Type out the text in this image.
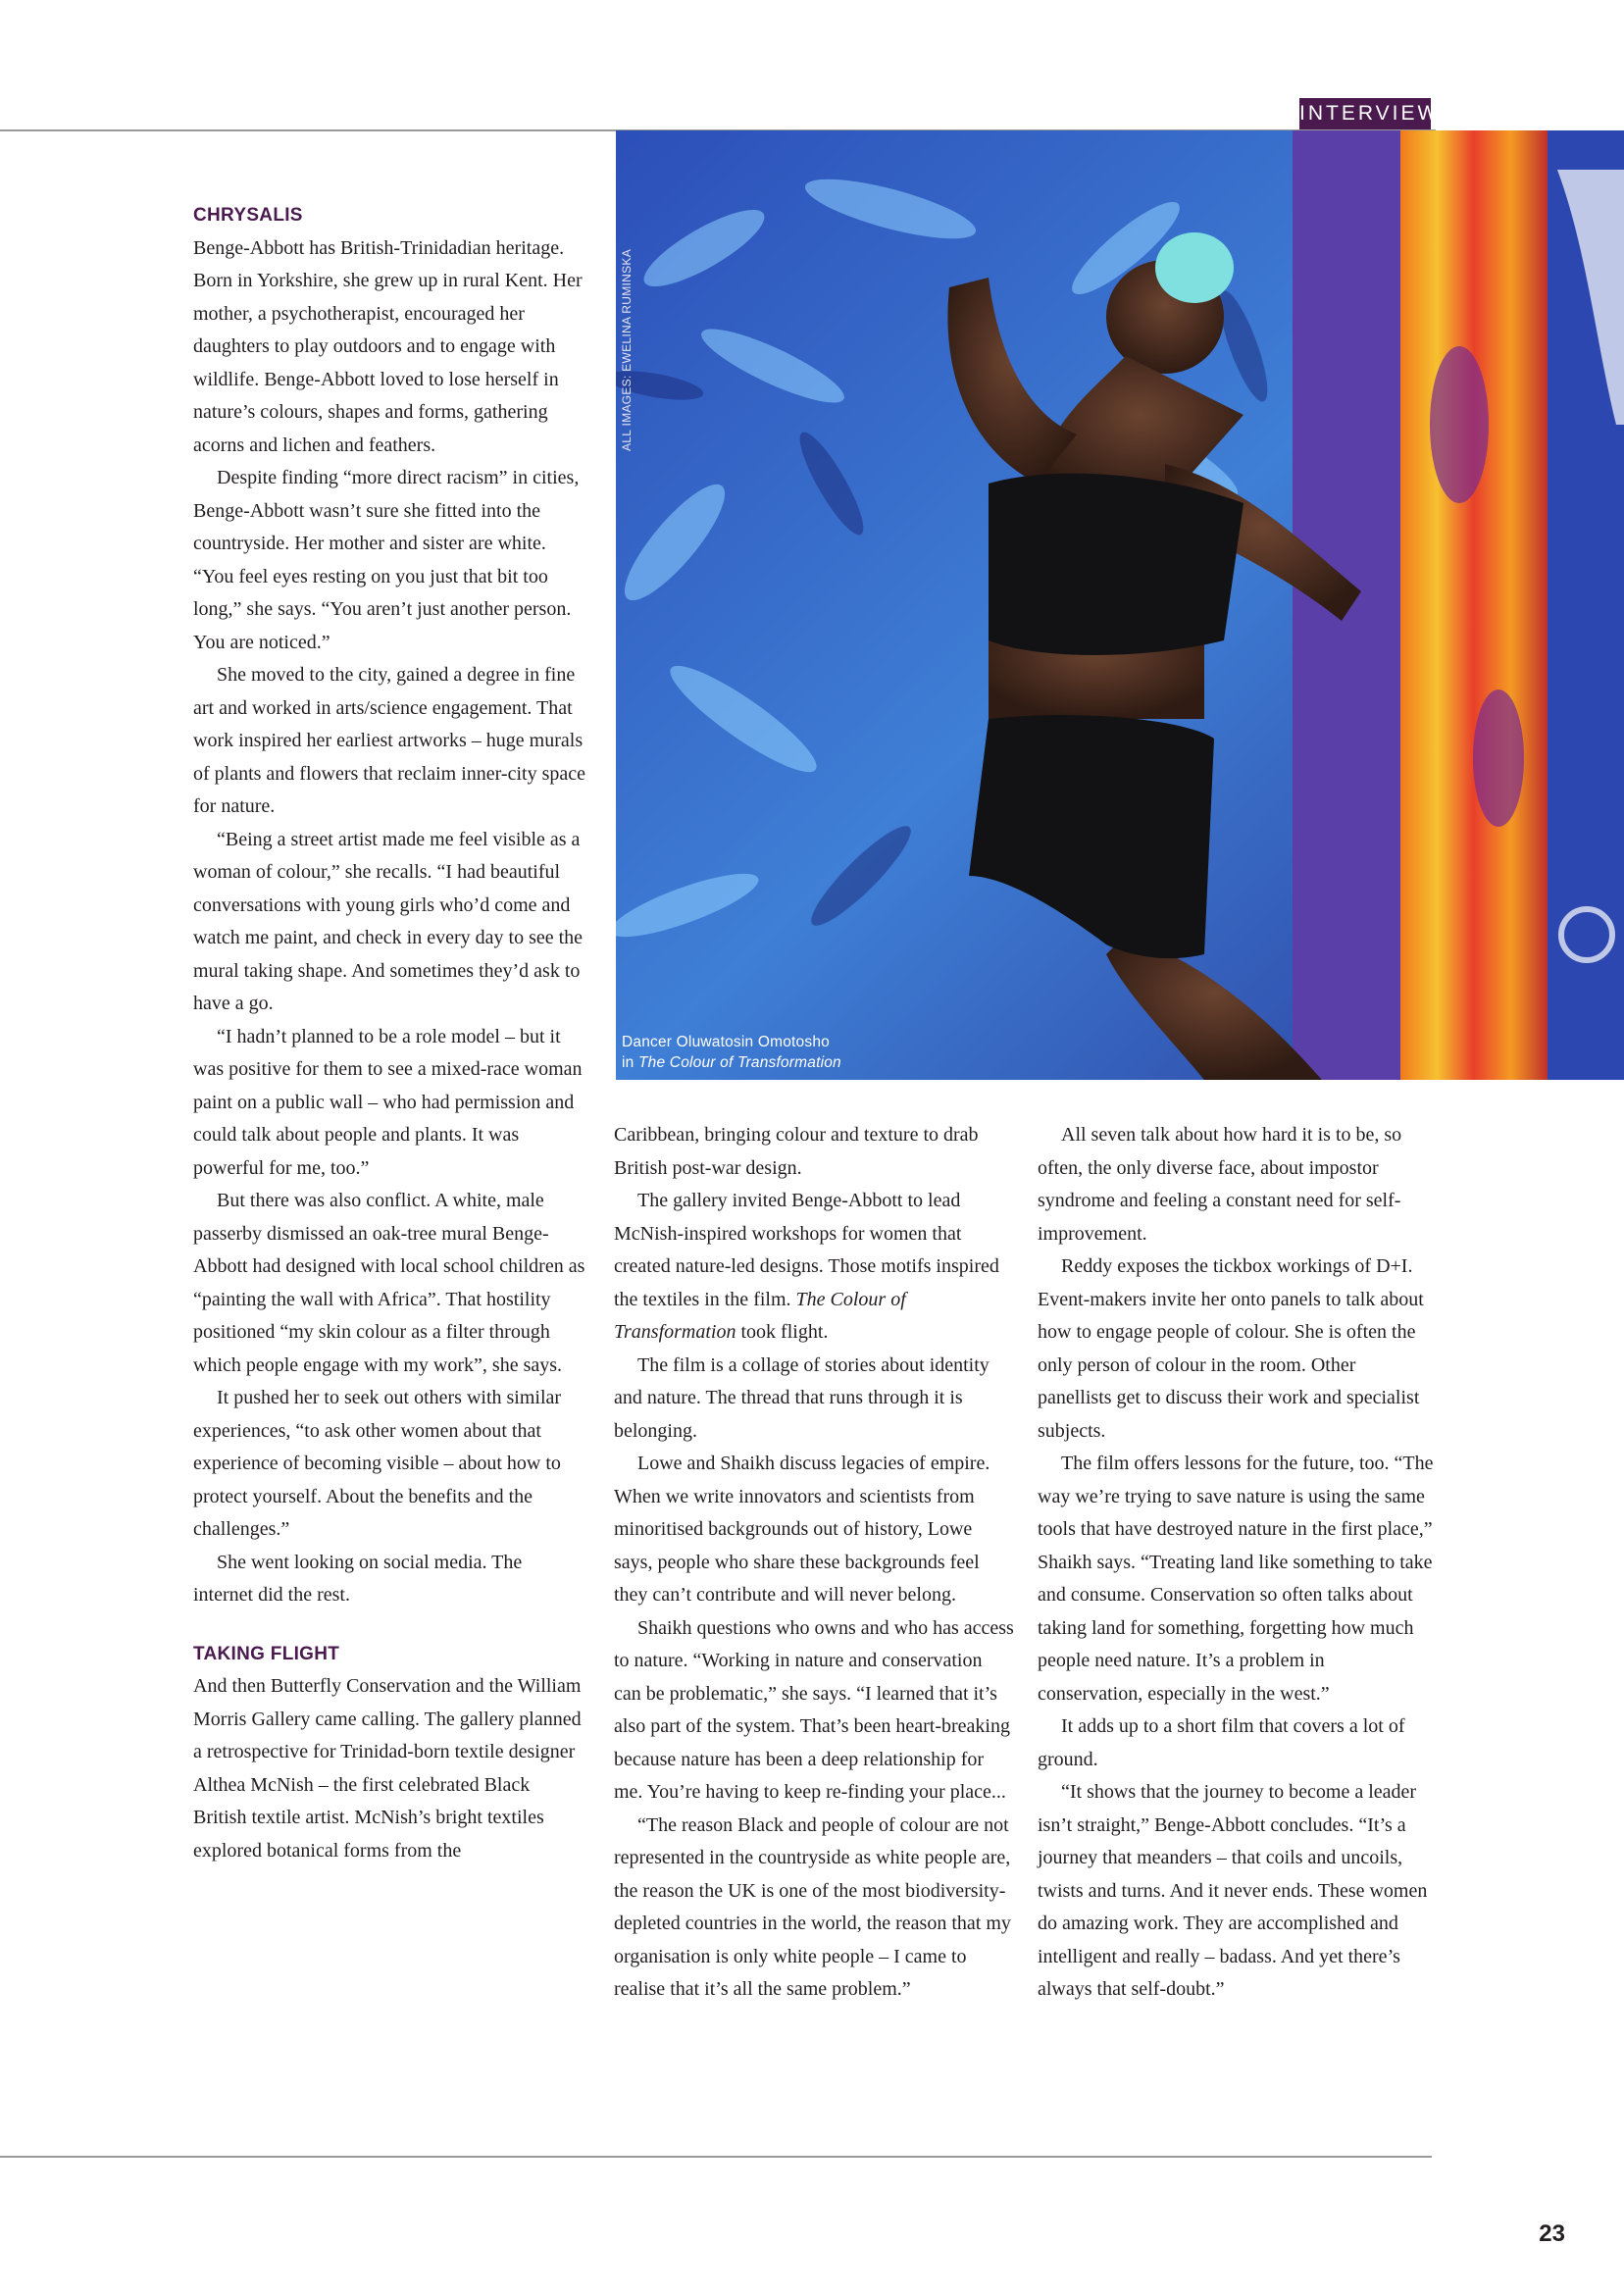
INTERVIEW
ALL IMAGES: EWELINA RUMINSKA
Dancer Oluwatosin Omotosho
in The Colour of Transformation
CHRYSALIS

Benge-Abbott has British-Trinidadian heritage. Born in Yorkshire, she grew up in rural Kent. Her mother, a psychotherapist, encouraged her daughters to play outdoors and to engage with wildlife. Benge-Abbott loved to lose herself in nature’s colours, shapes and forms, gathering acorns and lichen and feathers.

Despite finding “more direct racism” in cities, Benge-Abbott wasn’t sure she fitted into the countryside. Her mother and sister are white. “You feel eyes resting on you just that bit too long,” she says. “You aren’t just another person. You are noticed.”

She moved to the city, gained a degree in fine art and worked in arts/science engagement. That work inspired her earliest artworks – huge murals of plants and flowers that reclaim inner-city space for nature.

“Being a street artist made me feel visible as a woman of colour,” she recalls. “I had beautiful conversations with young girls who’d come and watch me paint, and check in every day to see the mural taking shape. And sometimes they’d ask to have a go.

“I hadn’t planned to be a role model – but it was positive for them to see a mixed-race woman paint on a public wall – who had permission and could talk about people and plants. It was powerful for me, too.”

But there was also conflict. A white, male passerby dismissed an oak-tree mural Benge-Abbott had designed with local school children as “painting the wall with Africa”. That hostility positioned “my skin colour as a filter through which people engage with my work”, she says.

It pushed her to seek out others with similar experiences, “to ask other women about that experience of becoming visible – about how to protect yourself. About the benefits and the challenges.”

She went looking on social media. The internet did the rest.

TAKING FLIGHT

And then Butterfly Conservation and the William Morris Gallery came calling. The gallery planned a retrospective for Trinidad-born textile designer Althea McNish – the first celebrated Black British textile artist. McNish’s bright textiles explored botanical forms from the

Caribbean, bringing colour and texture to drab British post-war design.

The gallery invited Benge-Abbott to lead McNish-inspired workshops for women that created nature-led designs. Those motifs inspired the textiles in the film. The Colour of Transformation took flight.

The film is a collage of stories about identity and nature. The thread that runs through it is belonging.

Lowe and Shaikh discuss legacies of empire. When we write innovators and scientists from minoritised backgrounds out of history, Lowe says, people who share these backgrounds feel they can’t contribute and will never belong.

Shaikh questions who owns and who has access to nature. “Working in nature and conservation can be problematic,” she says. “I learned that it’s also part of the system. That’s been heart-breaking because nature has been a deep relationship for me. You’re having to keep re-finding your place...

“The reason Black and people of colour are not represented in the countryside as white people are, the reason the UK is one of the most biodiversity-depleted countries in the world, the reason that my organisation is only white people – I came to realise that it’s all the same problem.”

All seven talk about how hard it is to be, so often, the only diverse face, about impostor syndrome and feeling a constant need for self-improvement.

Reddy exposes the tickbox workings of D+I. Event-makers invite her onto panels to talk about how to engage people of colour. She is often the only person of colour in the room. Other panellists get to discuss their work and specialist subjects.

The film offers lessons for the future, too. “The way we’re trying to save nature is using the same tools that have destroyed nature in the first place,” Shaikh says. “Treating land like something to take and consume. Conservation so often talks about taking land for something, forgetting how much people need nature. It’s a problem in conservation, especially in the west.”

It adds up to a short film that covers a lot of ground.

“It shows that the journey to become a leader isn’t straight,” Benge-Abbott concludes. “It’s a journey that meanders – that coils and uncoils, twists and turns. And it never ends. These women do amazing work. They are accomplished and intelligent and really – badass. And yet there’s always that self-doubt.”

23
